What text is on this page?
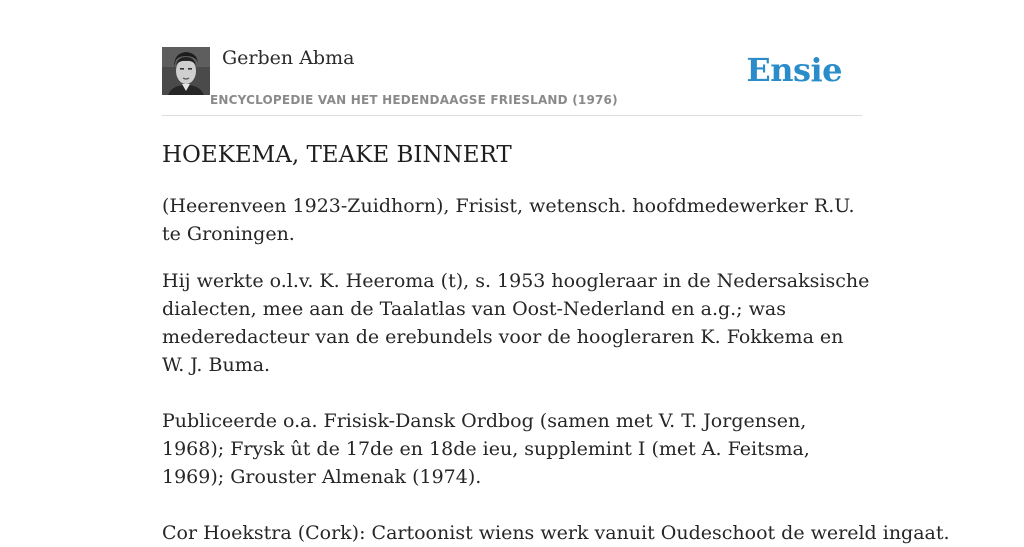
Gerben Abma
ENCYCLOPEDIE VAN HET HEDENDAAGSE FRIESLAND (1976)
Ensie
HOEKEMA, TEAKE BINNERT

(Heerenveen 1923-Zuidhorn), Frisist, wetensch. hoofdmedewerker R.U. te Groningen.

Hij werkte o.l.v. K. Heeroma (t), s. 1953 hoogleraar in de Nedersaksische dialecten, mee aan de Taalatlas van Oost-Nederland en a.g.; was mederedacteur van de erebundels voor de hoogleraren K. Fokkema en W. J. Buma.

Publiceerde o.a. Frisisk-Dansk Ordbog (samen met V. T. Jorgensen, 1968); Frysk ût de 17de en 18de ieu, supplemint I (met A. Feitsma, 1969); Grouster Almenak (1974).

Cor Hoekstra (Cork): Cartoonist wiens werk vanuit Oudeschoot de wereld ingaat.
